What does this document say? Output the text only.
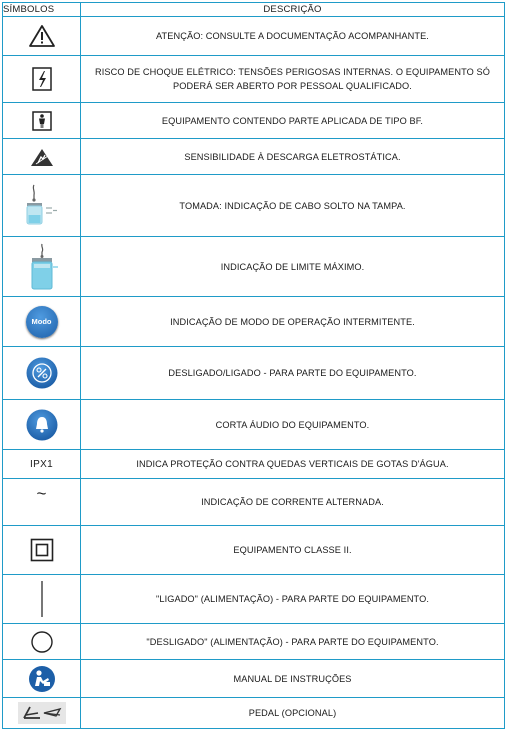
SÍMBOLOS	DESCRIÇÃO

	ATENÇÃO: CONSULTE A DOCUMENTAÇÃO ACOMPANHANTE.

	RISCO DE CHOQUE ELÉTRICO: TENSÕES PERIGOSAS INTERNAS. O EQUIPAMENTO SÓ PODERÁ SER ABERTO POR PESSOAL QUALIFICADO.

	EQUIPAMENTO CONTENDO PARTE APLICADA DE TIPO BF.

	SENSIBILIDADE À DESCARGA ELETROSTÁTICA.

	TOMADA: INDICAÇÃO DE CABO SOLTO NA TAMPA.

	INDICAÇÃO DE LIMITE MÁXIMO.

Modo	INDICAÇÃO DE MODO DE OPERAÇÃO INTERMITENTE.

	DESLIGADO/LIGADO - PARA PARTE DO EQUIPAMENTO.

	CORTA ÁUDIO DO EQUIPAMENTO.
IPX1	INDICA PROTEÇÃO CONTRA QUEDAS VERTICAIS DE GOTAS D'ÁGUA.
~	INDICAÇÃO DE CORRENTE ALTERNADA.

	EQUIPAMENTO CLASSE II.

	"LIGADO" (ALIMENTAÇÃO) - PARA PARTE DO EQUIPAMENTO.

	"DESLIGADO" (ALIMENTAÇÃO) - PARA PARTE DO EQUIPAMENTO.

	MANUAL DE INSTRUÇÕES

	PEDAL (OPCIONAL)
